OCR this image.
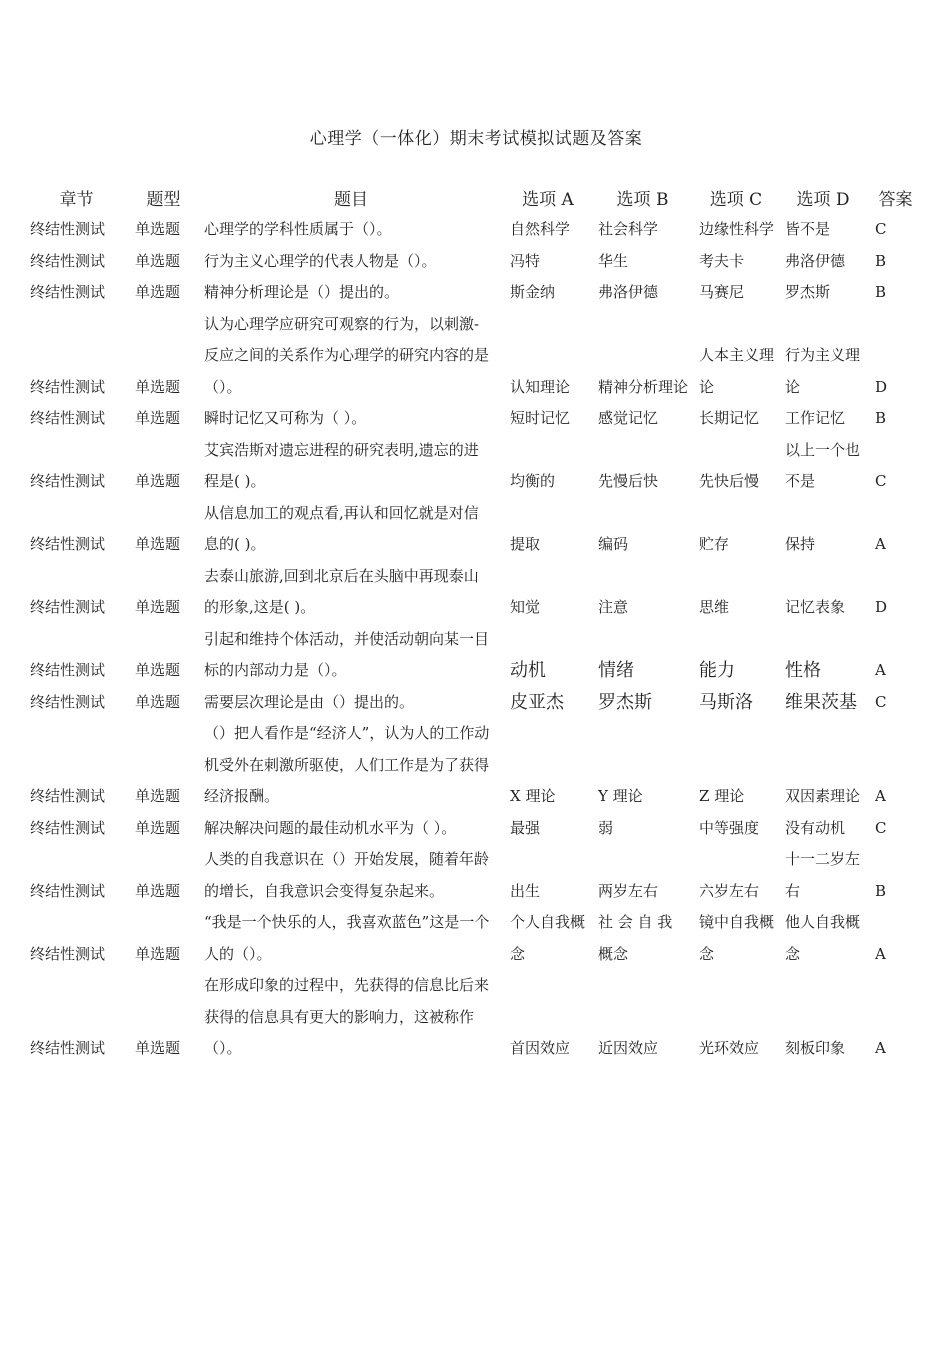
心理学（一体化）期末考试模拟试题及答案
章节	题型	题目	选项 A	选项 B	选项 C	选项 D	答案
终结性测试	单选题	心理学的学科性质属于（）。	自然科学	社会科学	边缘性科学	皆不是	C
终结性测试	单选题	行为主义心理学的代表人物是（）。	冯特	华生	考夫卡	弗洛伊德	B
终结性测试	单选题	精神分析理论是（）提出的。	斯金纳	弗洛伊德	马赛尼	罗杰斯	B
终结性测试	单选题	认为心理学应研究可观察的行为，以刺激-反应之间的关系作为心理学的研究内容的是（）。	认知理论	精神分析理论	人本主义理论	行为主义理论	D
终结性测试	单选题	瞬时记忆又可称为（ ）。	短时记忆	感觉记忆	长期记忆	工作记忆	B
终结性测试	单选题	艾宾浩斯对遗忘进程的研究表明,遗忘的进程是( )。	均衡的	先慢后快	先快后慢	以上一个也不是	C
终结性测试	单选题	从信息加工的观点看,再认和回忆就是对信息的( )。	提取	编码	贮存	保持	A
终结性测试	单选题	去泰山旅游,回到北京后在头脑中再现泰山的形象,这是( )。	知觉	注意	思维	记忆表象	D
终结性测试	单选题	引起和维持个体活动，并使活动朝向某一目标的内部动力是（）。	动机	情绪	能力	性格	A
终结性测试	单选题	需要层次理论是由（）提出的。	皮亚杰	罗杰斯	马斯洛	维果茨基	C
终结性测试	单选题	（）把人看作是“经济人”，认为人的工作动机受外在刺激所驱使，人们工作是为了获得经济报酬。	X 理论	Y 理论	Z 理论	双因素理论	A
终结性测试	单选题	解决解决问题的最佳动机水平为（ ）。	最强	弱	中等强度	没有动机	C
终结性测试	单选题	人类的自我意识在（）开始发展，随着年龄的增长，自我意识会变得复杂起来。	出生	两岁左右	六岁左右	十一二岁左右	B
终结性测试	单选题	“我是一个快乐的人，我喜欢蓝色”这是一个人的（）。	个人自我概念	社 会 自 我 概念	镜中自我概念	他人自我概念	A
终结性测试	单选题	在形成印象的过程中，先获得的信息比后来获得的信息具有更大的影响力，这被称作（）。	首因效应	近因效应	光环效应	刻板印象	A
